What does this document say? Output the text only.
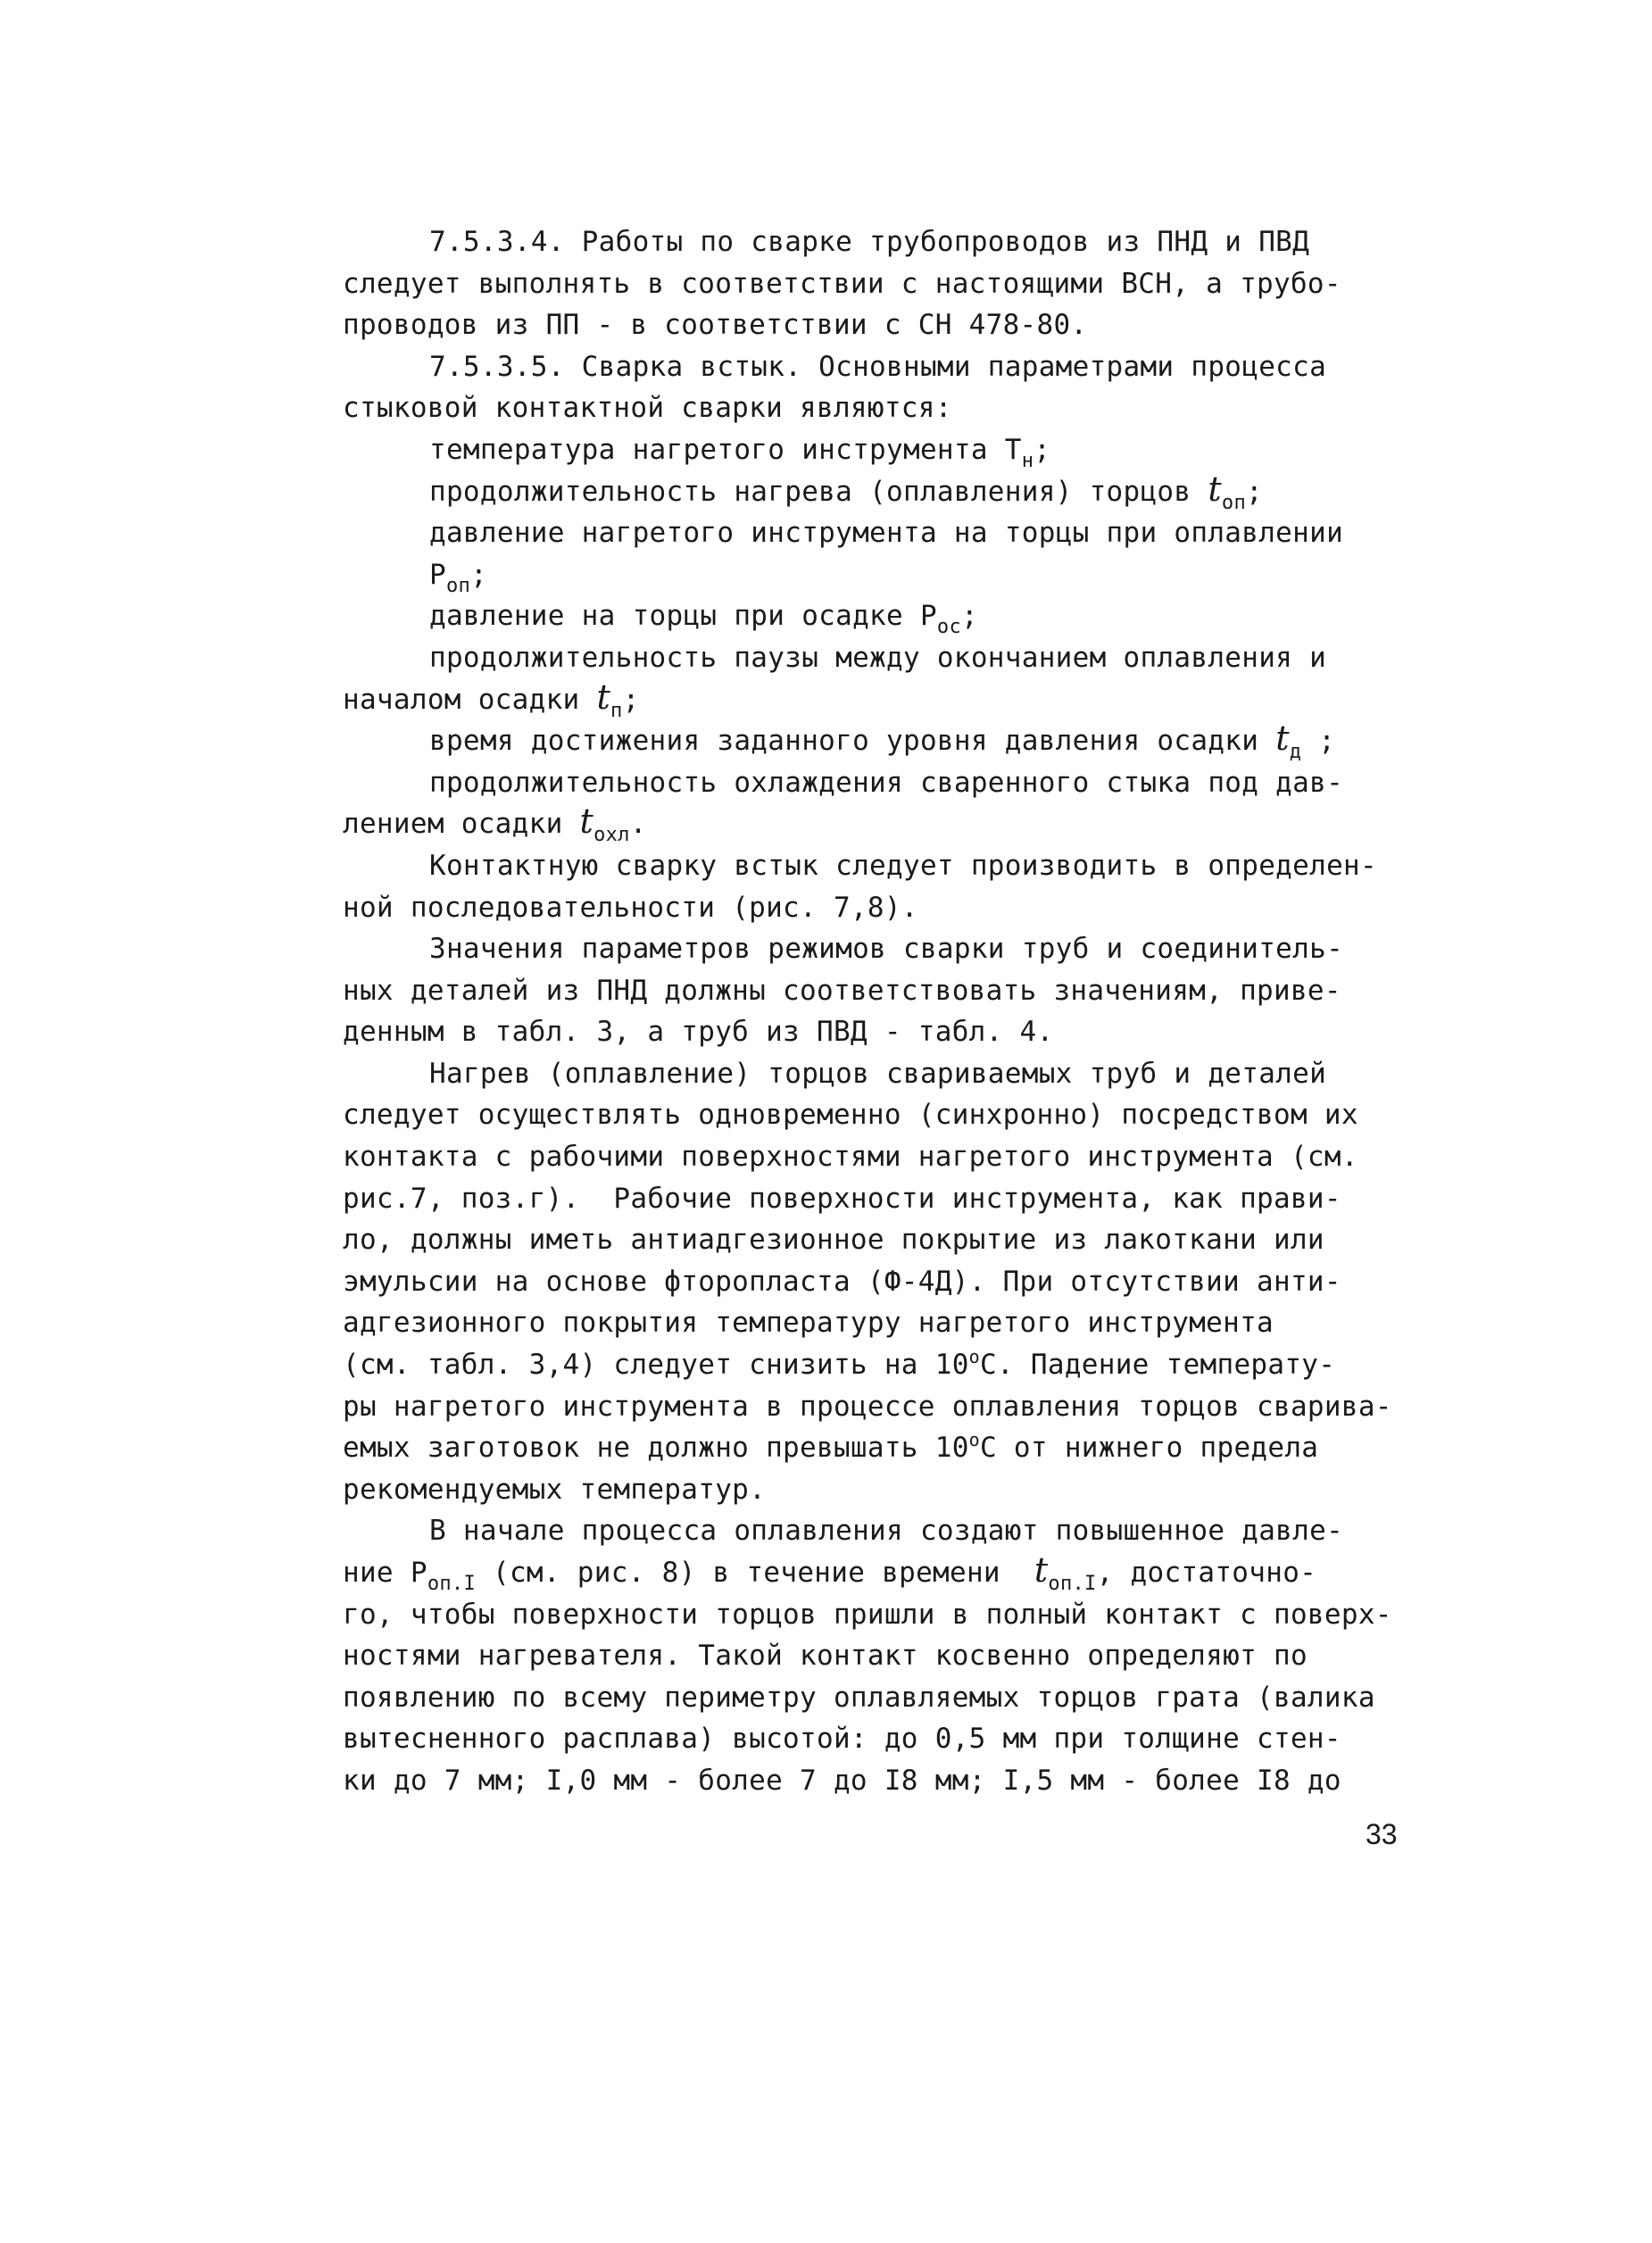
7.5.3.4. Работы по сварке трубопроводов из ПНД и ПВД
следует выполнять в соответствии с настоящими ВСН, а трубо-
проводов из ПП - в соответствии с СН 478-80.
7.5.3.5. Сварка встык. Основными параметрами процесса
стыковой контактной сварки являются:
температура нагретого инструмента $Т_н$;
продолжительность нагрева (оплавления) торцов $t_{оп}$;
давление нагретого инструмента на торцы при оплавлении
$Р_{оп}$;
давление на торцы при осадке $Р_{ос}$;
продолжительность паузы между окончанием оплавления и
началом осадки $t_п$;
время достижения заданного уровня давления осадки $t_д$ ;
продолжительность охлаждения сваренного стыка под дав-
лением осадки $t_{охл}$.
Контактную сварку встык следует производить в определен-
ной последовательности (рис. 7,8).
Значения параметров режимов сварки труб и соединитель-
ных деталей из ПНД должны соответствовать значениям, приве-
денным в табл. 3, а труб из ПВД - табл. 4.
Нагрев (оплавление) торцов свариваемых труб и деталей
следует осуществлять одновременно (синхронно) посредством их
контакта с рабочими поверхностями нагретого инструмента (см.
рис.7, поз.г).  Рабочие поверхности инструмента, как прави-
ло, должны иметь антиадгезионное покрытие из лакоткани или
эмульсии на основе фторопласта (Ф-4Д). При отсутствии анти-
адгезионного покрытия температуру нагретого инструмента
(см. табл. 3,4) следует снизить на $10^оС$. Падение температу-
ры нагретого инструмента в процессе оплавления торцов сварива-
емых заготовок не должно превышать $10^оС$ от нижнего предела
рекомендуемых температур.
В начале процесса оплавления создают повышенное давле-
ние $Р_{оп.I}$ (см. рис. 8) в течение времени  $t_{оп.I}$, достаточно-
го, чтобы поверхности торцов пришли в полный контакт с поверх-
ностями нагревателя. Такой контакт косвенно определяют по
появлению по всему периметру оплавляемых торцов грата (валика
вытесненного расплава) высотой: до 0,5 мм при толщине стен-
ки до 7 мм; I,0 мм - более 7 до I8 мм; I,5 мм - более I8 до
33
